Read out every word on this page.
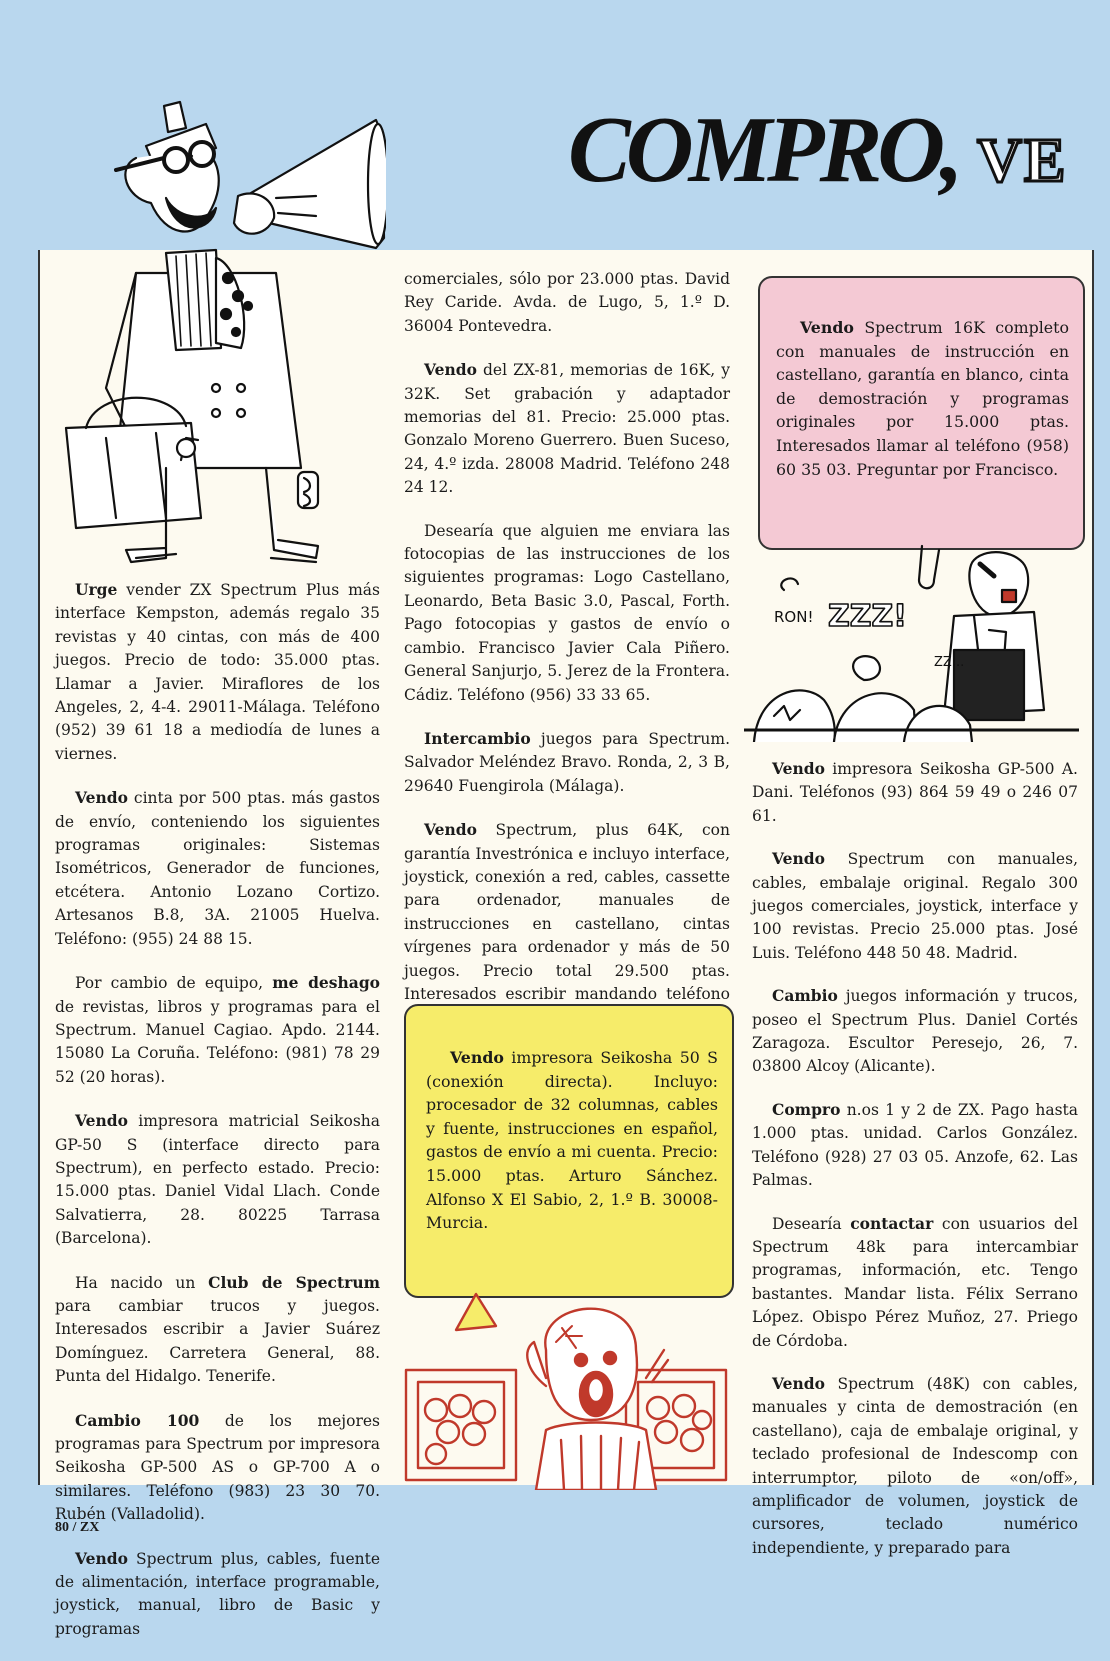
COMPRO, VE

Urge vender ZX Spectrum Plus más interface Kempston, además regalo 35 revistas y 40 cintas, con más de 400 juegos. Precio de todo: 35.000 ptas. Llamar a Javier. Miraflores de los Angeles, 2, 4-4. 29011-Málaga. Teléfono (952) 39 61 18 a mediodía de lunes a viernes.

Vendo cinta por 500 ptas. más gastos de envío, conteniendo los siguientes programas originales: Sistemas Isométricos, Generador de funciones, etcétera. Antonio Lozano Cortizo. Artesanos B.8, 3A. 21005 Huelva. Teléfono: (955) 24 88 15.

Por cambio de equipo, me deshago de revistas, libros y programas para el Spectrum. Manuel Cagiao. Apdo. 2144. 15080 La Coruña. Teléfono: (981) 78 29 52 (20 horas).

Vendo impresora matricial Seikosha GP-50 S (interface directo para Spectrum), en perfecto estado. Precio: 15.000 ptas. Daniel Vidal Llach. Conde Salvatierra, 28. 80225 Tarrasa (Barcelona).

Ha nacido un Club de Spectrum para cambiar trucos y juegos. Interesados escribir a Javier Suárez Domínguez. Carretera General, 88. Punta del Hidalgo. Tenerife.

Cambio 100 de los mejores programas para Spectrum por impresora Seikosha GP-500 AS o GP-700 A o similares. Teléfono (983) 23 30 70. Rubén (Valladolid).

Vendo Spectrum plus, cables, fuente de alimentación, interface programable, joystick, manual, libro de Basic y programas

comerciales, sólo por 23.000 ptas. David Rey Caride. Avda. de Lugo, 5, 1.º D. 36004 Pontevedra.

Vendo del ZX-81, memorias de 16K, y 32K. Set grabación y adaptador memorias del 81. Precio: 25.000 ptas. Gonzalo Moreno Guerrero. Buen Suceso, 24, 4.º izda. 28008 Madrid. Teléfono 248 24 12.

Desearía que alguien me enviara las fotocopias de las instrucciones de los siguientes programas: Logo Castellano, Leonardo, Beta Basic 3.0, Pascal, Forth. Pago fotocopias y gastos de envío o cambio. Francisco Javier Cala Piñero. General Sanjurjo, 5. Jerez de la Frontera. Cádiz. Teléfono (956) 33 33 65.

Intercambio juegos para Spectrum. Salvador Meléndez Bravo. Ronda, 2, 3 B, 29640 Fuengirola (Málaga).

Vendo Spectrum, plus 64K, con garantía Investrónica e incluyo interface, joystick, conexión a red, cables, cassette para ordenador, manuales de instrucciones en castellano, cintas vírgenes para ordenador y más de 50 juegos. Precio total 29.500 ptas. Interesados escribir mandando teléfono

Vendo impresora Seikosha 50 S (conexión directa). Incluyo: procesador de 32 columnas, cables y fuente, instrucciones en español, gastos de envío a mi cuenta. Precio: 15.000 ptas. Arturo Sánchez. Alfonso X El Sabio, 2, 1.º B. 30008-Murcia.

Vendo Spectrum 16K completo con manuales de instrucción en castellano, garantía en blanco, cinta de demostración y programas originales por 15.000 ptas. Interesados llamar al teléfono (958) 60 35 03. Preguntar por Francisco.

RON! ZZZ!
ZZ...

Vendo impresora Seikosha GP-500 A. Dani. Teléfonos (93) 864 59 49 o 246 07 61.

Vendo Spectrum con manuales, cables, embalaje original. Regalo 300 juegos comerciales, joystick, interface y 100 revistas. Precio 25.000 ptas. José Luis. Teléfono 448 50 48. Madrid.

Cambio juegos información y trucos, poseo el Spectrum Plus. Daniel Cortés Zaragoza. Escultor Peresejo, 26, 7. 03800 Alcoy (Alicante).

Compro n.os 1 y 2 de ZX. Pago hasta 1.000 ptas. unidad. Carlos González. Teléfono (928) 27 03 05. Anzofe, 62. Las Palmas.

Desearía contactar con usuarios del Spectrum 48k para intercambiar programas, información, etc. Tengo bastantes. Mandar lista. Félix Serrano López. Obispo Pérez Muñoz, 27. Priego de Córdoba.

Vendo Spectrum (48K) con cables, manuales y cinta de demostración (en castellano), caja de embalaje original, y teclado profesional de Indescomp con interrumptor, piloto de «on/off», amplificador de volumen, joystick de cursores, teclado numérico independiente, y preparado para

80 / ZX
